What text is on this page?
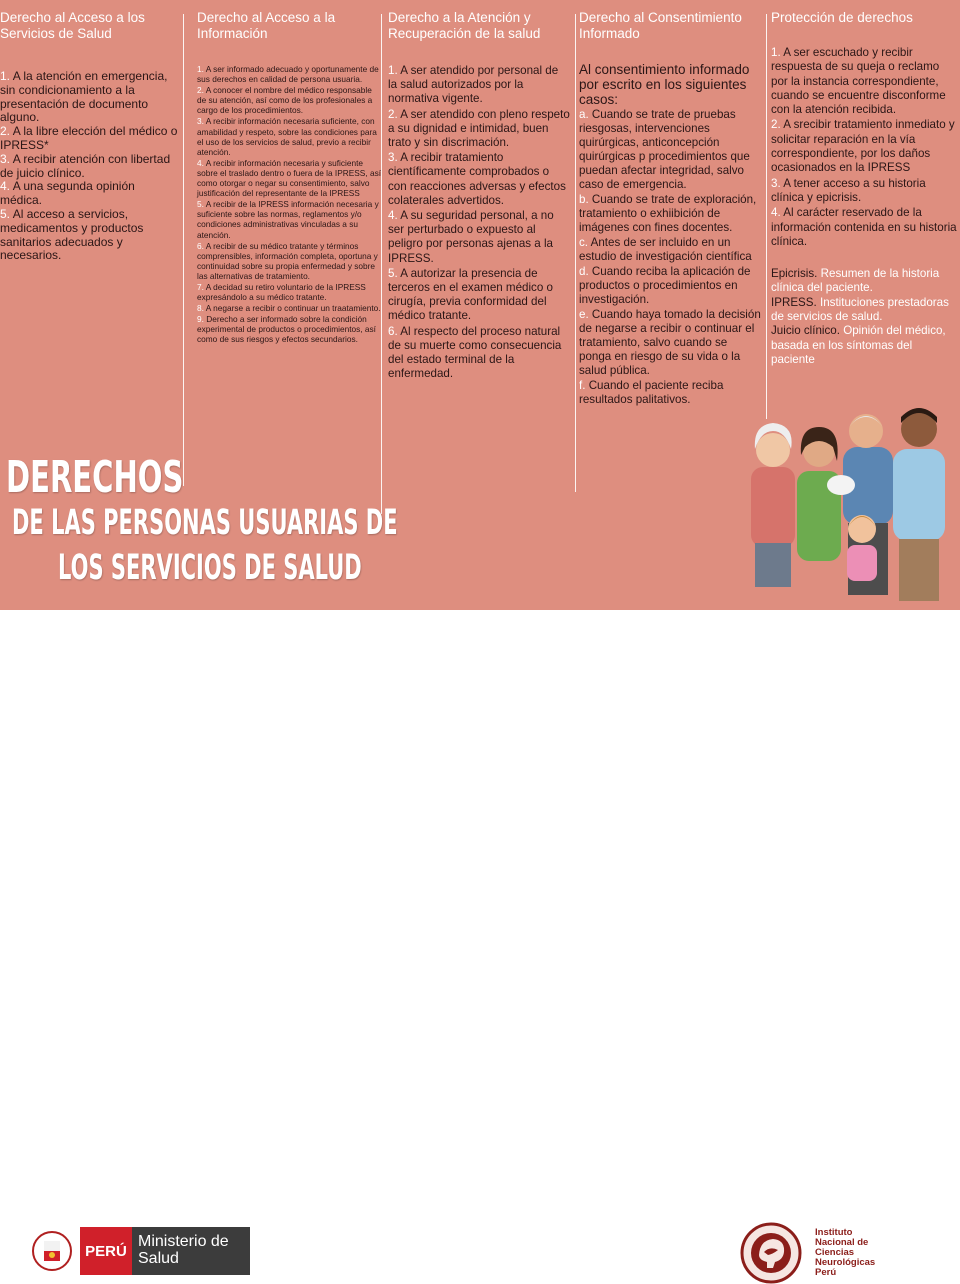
Derecho al Acceso a los Servicios de Salud
1. A la atención en emergencia, sin condicionamiento a la presentación de documento alguno.
2. A la libre elección del médico o IPRESS*
3. A recibir atención con libertad de juicio clínico.
4. A una segunda opinión médica.
5. Al acceso a servicios, medicamentos y productos sanitarios adecuados y necesarios.
Derecho al Acceso a la Información
1. A ser informado adecuado y oportunamente de sus derechos en calidad de persona usuaria.
2. A conocer el nombre del médico responsable de su atención, así como de los profesionales a cargo de los procedimientos.
3. A recibir información necesaria suficiente, con amabilidad y respeto, sobre las condiciones para el uso de los servicios de salud, previo a recibir atención.
4. A recibir información necesaria y suficiente sobre el traslado dentro o fuera de la IPRESS, así como otorgar o negar su consentimiento, salvo justificación del representante de la IPRESS
5. A recibir de la IPRESS información necesaria y suficiente sobre las normas, reglamentos y/o condiciones administrativas vinculadas a su atención.
6. A recibir de su médico tratante y términos comprensibles, información completa, oportuna y continuidad sobre su propia enfermedad y sobre las alternativas de tratamiento.
7. A decidad su retiro voluntario de la IPRESS expresándolo a su médico tratante.
8. A negarse a recibir o continuar un traatamiento.
9. Derecho a ser informado sobre la condición experimental de productos o procedimientos, así como de sus riesgos y efectos secundarios.
Derecho a la Atención y Recuperación de la salud
1. A ser atendido por personal de la salud autorizados por la normativa vigente.
2. A ser atendido con pleno respeto a su dignidad e intimidad, buen trato y sin discrimación.
3. A recibir tratamiento científicamente comprobados o con reacciones adversas y efectos colaterales advertidos.
4. A su seguridad personal, a no ser perturbado o expuesto al peligro por personas ajenas a la IPRESS.
5. A autorizar la presencia de terceros en el examen médico o cirugía, previa conformidad del médico tratante.
6. Al respecto del proceso natural de su muerte como consecuencia del estado terminal de la enfermedad.
Derecho al Consentimiento Informado
Al consentimiento informado por escrito en los siguientes casos:
a. Cuando se trate de pruebas riesgosas, intervenciones quirúrgicas, anticoncepción quirúrgicas p procedimientos que puedan afectar integridad, salvo caso de emergencia.
b. Cuando se trate de exploración, tratamiento o exhiibición de imágenes con fines docentes.
c. Antes de ser incluido en un estudio de investigación científica
d. Cuando reciba la aplicación de productos o procedimientos en investigación.
e. Cuando haya tomado la decisión de negarse a recibir o continuar el tratamiento, salvo cuando se ponga en riesgo de su vida o la salud pública.
f. Cuando el paciente reciba resultados palitativos.
Protección de derechos
1. A ser escuchado y recibir respuesta de su queja o reclamo por la instancia correspondiente, cuando se encuentre disconforme con la atención recibida.
2. A srecibir tratamiento inmediato y solicitar reparación en la vía correspondiente, por los daños ocasionados en la IPRESS
3. A tener acceso a su historia clínica y epicrisis.
4. Al carácter reservado de la información contenida en su historia clínica.

Epicrisis. Resumen de la historia clínica del paciente.

IPRESS. Instituciones prestadoras de servicios de salud.

Juicio clínico. Opinión del médico, basada en los síntomas del paciente

DERECHOS
DE LAS PERSONAS USUARIAS DE
LOS SERVICIOS DE SALUD
PERÚ
Ministerio de Salud
Instituto Nacional de Ciencias Neurológicas Perú
